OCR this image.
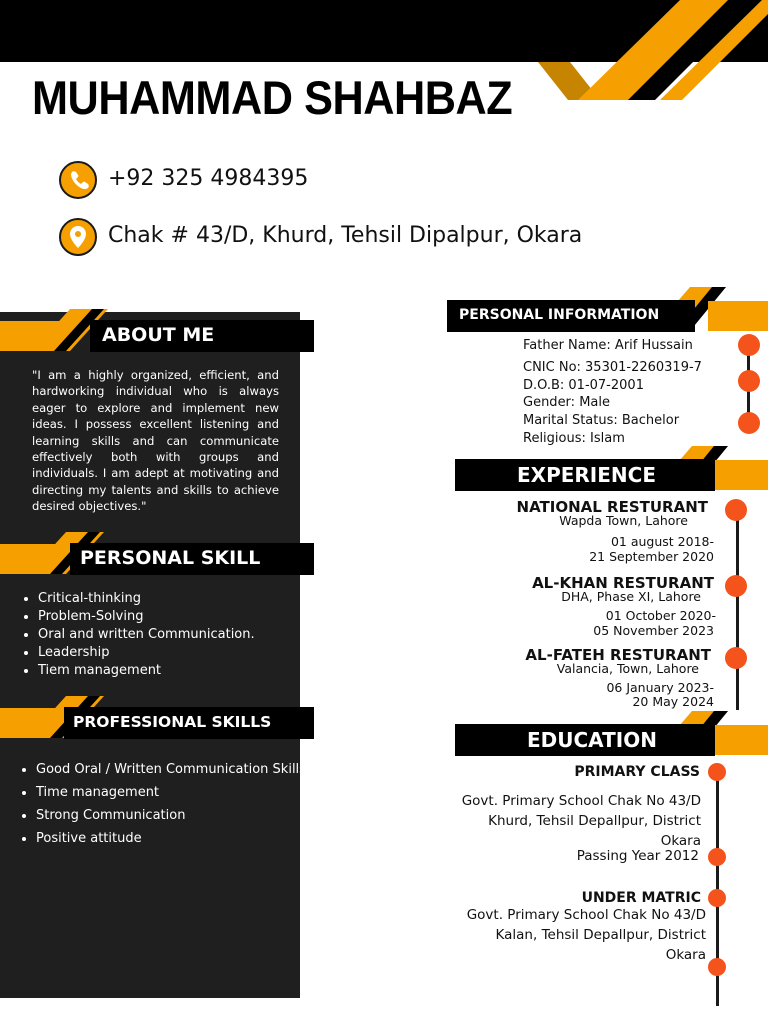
MUHAMMAD SHAHBAZ
+92 325 4984395
Chak # 43/D, Khurd, Tehsil Dipalpur, Okara
ABOUT ME
"I am a highly organized, efficient, and hardworking individual who is always eager to explore and implement new ideas. I possess excellent listening and learning skills and can communicate effectively both with groups and individuals. I am adept at motivating and directing my talents and skills to achieve desired objectives."
PERSONAL SKILL
• Critical-thinking
• Problem-Solving
• Oral and written Communication.
• Leadership
• Tiem management
PROFESSIONAL SKILLS
• Good Oral / Written Communication Skills
• Time management
• Strong Communication
• Positive attitude
PERSONAL INFORMATION
Father Name: Arif Hussain
CNIC No: 35301-2260319-7
D.O.B: 01-07-2001
Gender: Male
Marital Status: Bachelor
Religious: Islam
EXPERIENCE
NATIONAL RESTURANT
Wapda Town, Lahore
01 august 2018-
21 September 2020
AL-KHAN RESTURANT
DHA, Phase XI, Lahore
01 October 2020-
05 November 2023
AL-FATEH RESTURANT
Valancia, Town, Lahore
06 January 2023-
20 May 2024
EDUCATION
PRIMARY CLASS
Govt. Primary School Chak No 43/D
Khurd, Tehsil Depallpur, District
Okara
Passing Year 2012
UNDER MATRIC
Govt. Primary School Chak No 43/D
Kalan, Tehsil Depallpur, District
Okara
